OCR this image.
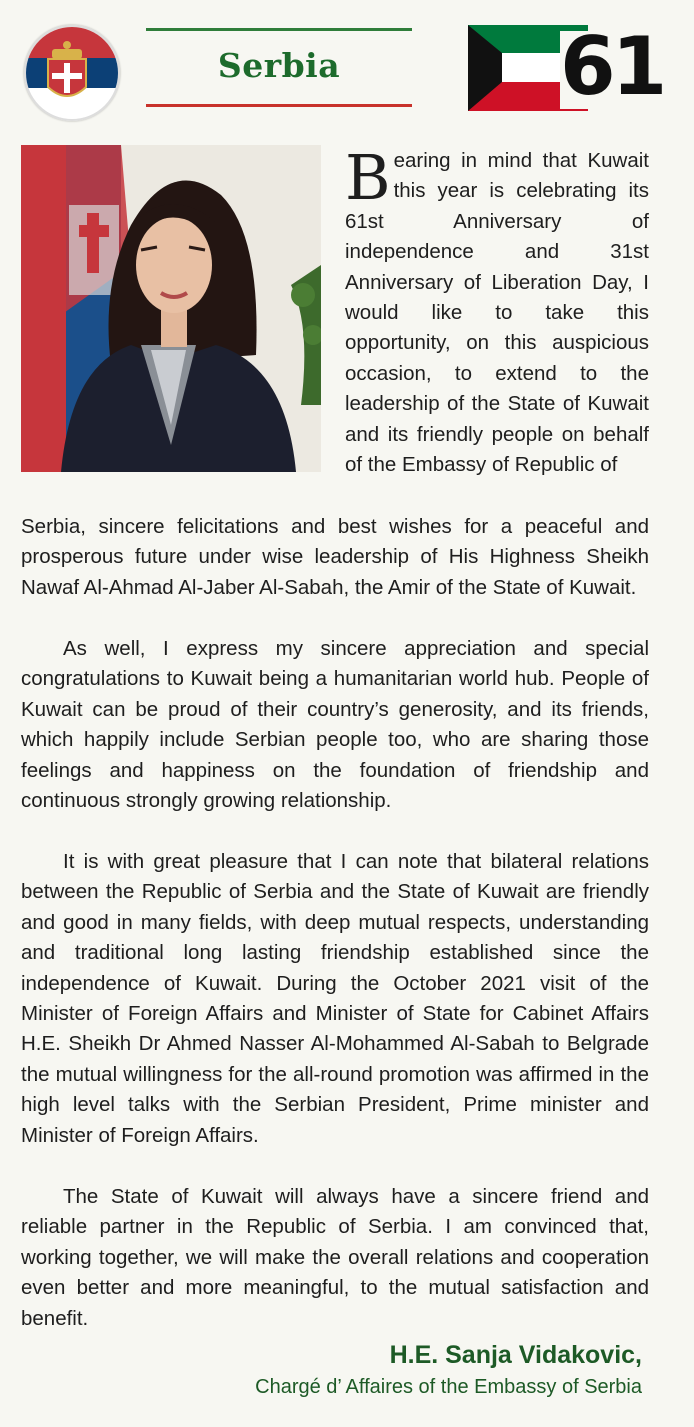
Serbia	61
Bearing in mind that Kuwait this year is celebrating its 61st Anniversary of independence and 31st Anniversary of Liberation Day, I would like to take this opportunity, on this auspicious occasion, to extend to the leadership of the State of Kuwait and its friendly people on behalf of the Embassy of Republic of

Serbia, sincere felicitations and best wishes for a peaceful and prosperous future under wise leadership of His Highness Sheikh Nawaf Al-Ahmad Al-Jaber Al-Sabah, the Amir of the State of Kuwait.

As well, I express my sincere appreciation and special congratulations to Kuwait being a humanitarian world hub. People of Kuwait can be proud of their country’s generosity, and its friends, which happily include Serbian people too, who are sharing those feelings and happiness on the foundation of friendship and continuous strongly growing relationship.

It is with great pleasure that I can note that bilateral relations between the Republic of Serbia and the State of Kuwait are friendly and good in many fields, with deep mutual respects, understanding and traditional long lasting friendship established since the independence of Kuwait. During the October 2021 visit of the Minister of Foreign Affairs and Minister of State for Cabinet Affairs H.E. Sheikh Dr Ahmed Nasser Al-Mohammed Al-Sabah to Belgrade the mutual willingness for the all-round promotion was affirmed in the high level talks with the Serbian President, Prime minister and Minister of Foreign Affairs.

The State of Kuwait will always have a sincere friend and reliable partner in the Republic of Serbia. I am convinced that, working together, we will make the overall relations and cooperation even better and more meaningful, to the mutual satisfaction and benefit.

H.E. Sanja Vidakovic,
Chargé d’ Affaires of the Embassy of Serbia
